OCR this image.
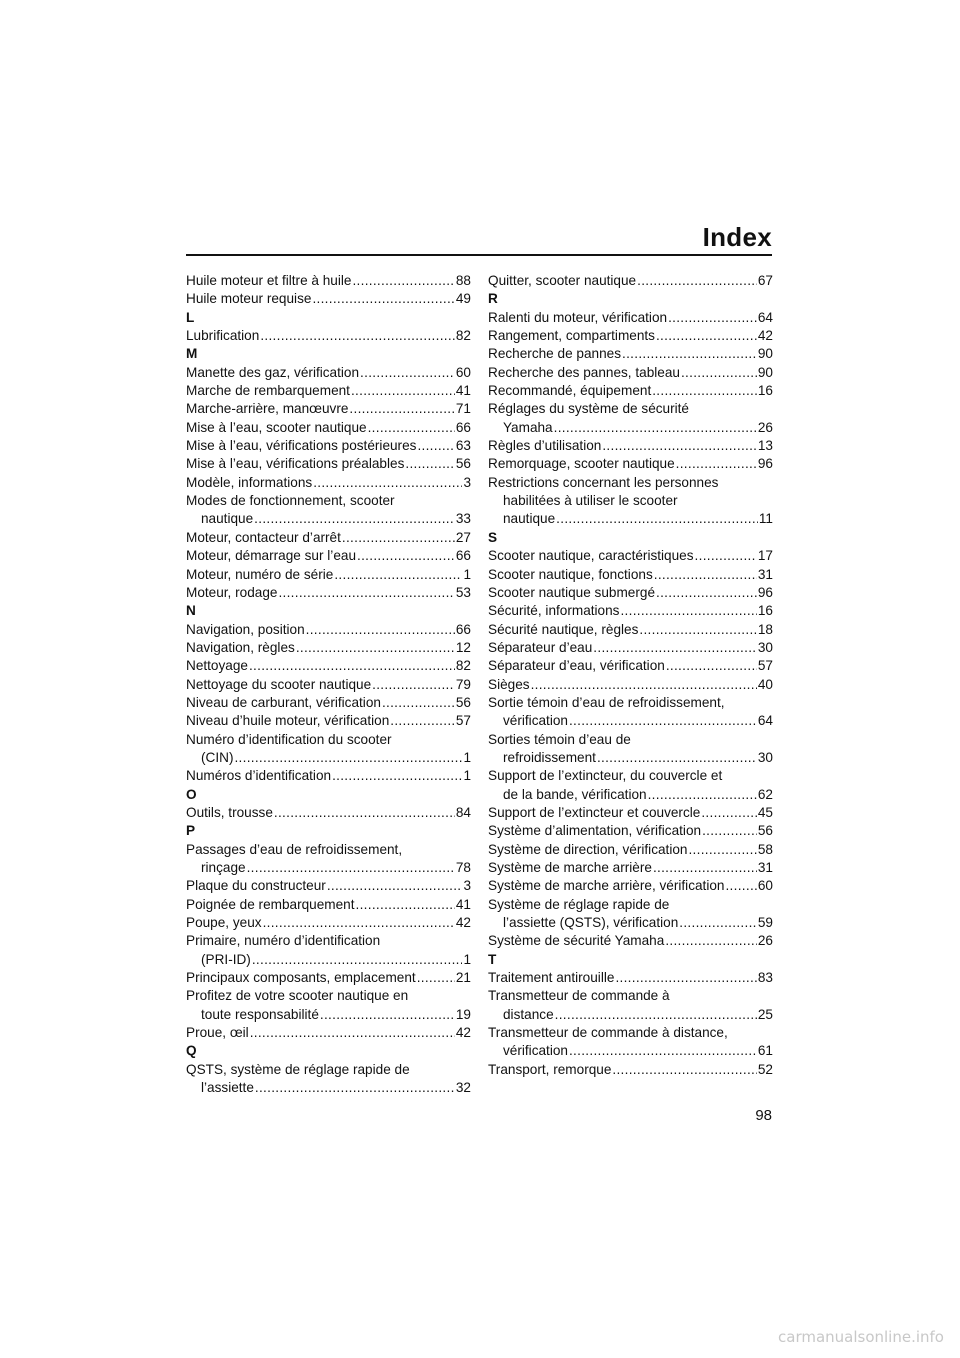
Index
Huile moteur et filtre à huile .....	88
Huile moteur requise .....	49
L
Lubrification .....	82
M
Manette des gaz, vérification .....	60
Marche de rembarquement .....	41
Marche-arrière, manœuvre .....	71
Mise à l’eau, scooter nautique .....	66
Mise à l’eau, vérifications postérieures .....	63
Mise à l’eau, vérifications préalables .....	56
Modèle, informations .....	3
Modes de fonctionnement, scooter
nautique .....	33
Moteur, contacteur d’arrêt .....	27
Moteur, démarrage sur l’eau .....	66
Moteur, numéro de série .....	1
Moteur, rodage .....	53
N
Navigation, position .....	66
Navigation, règles .....	12
Nettoyage .....	82
Nettoyage du scooter nautique .....	79
Niveau de carburant, vérification .....	56
Niveau d’huile moteur, vérification .....	57
Numéro d’identification du scooter
(CIN) .....	1
Numéros d’identification .....	1
O
Outils, trousse .....	84
P
Passages d’eau de refroidissement,
rinçage .....	78
Plaque du constructeur .....	3
Poignée de rembarquement .....	41
Poupe, yeux .....	42
Primaire, numéro d’identification
(PRI-ID) .....	1
Principaux composants, emplacement .....	21
Profitez de votre scooter nautique en
toute responsabilité .....	19
Proue, œil .....	42
Q
QSTS, système de réglage rapide de
l’assiette .....	32
Quitter, scooter nautique .....	67
R
Ralenti du moteur, vérification .....	64
Rangement, compartiments .....	42
Recherche de pannes .....	90
Recherche des pannes, tableau .....	90
Recommandé, équipement .....	16
Réglages du système de sécurité
Yamaha .....	26
Règles d’utilisation .....	13
Remorquage, scooter nautique .....	96
Restrictions concernant les personnes
habilitées à utiliser le scooter
nautique .....	11
S
Scooter nautique, caractéristiques .....	17
Scooter nautique, fonctions .....	31
Scooter nautique submergé .....	96
Sécurité, informations .....	16
Sécurité nautique, règles .....	18
Séparateur d’eau .....	30
Séparateur d’eau, vérification .....	57
Sièges .....	40
Sortie témoin d’eau de refroidissement,
vérification .....	64
Sorties témoin d’eau de
refroidissement .....	30
Support de l’extincteur, du couvercle et
de la bande, vérification .....	62
Support de l’extincteur et couvercle .....	45
Système d’alimentation, vérification .....	56
Système de direction, vérification .....	58
Système de marche arrière .....	31
Système de marche arrière, vérification ..... 60
Système de réglage rapide de
l’assiette (QSTS), vérification .....	59
Système de sécurité Yamaha .....	26
T
Traitement antirouille .....	83
Transmetteur de commande à
distance .....	25
Transmetteur de commande à distance,
vérification .....	61
Transport, remorque .....	52
98
carmanualsonline.info
